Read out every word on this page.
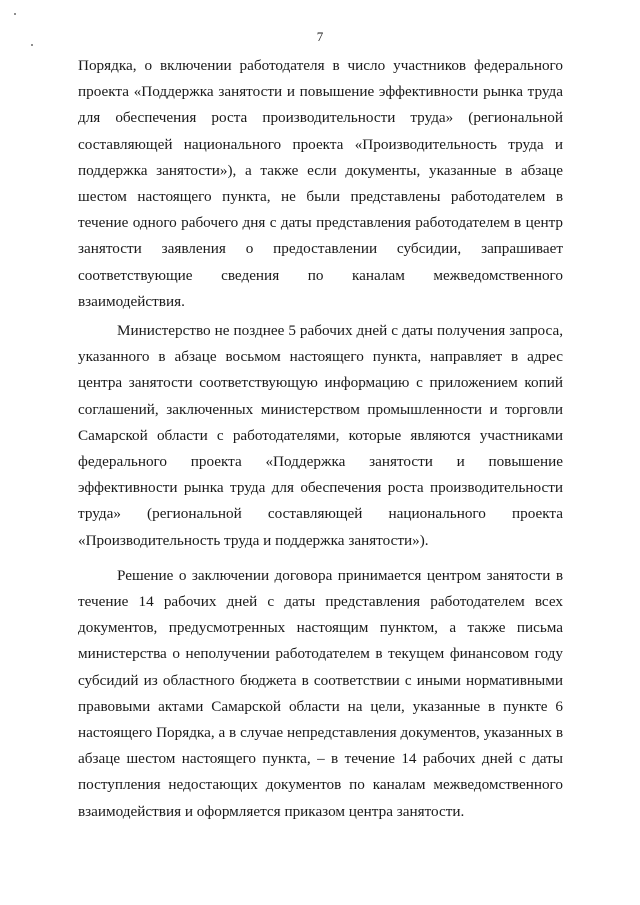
7

Порядка, о включении работодателя в число участников федерального проекта «Поддержка занятости и повышение эффективности рынка труда для обеспечения роста производительности труда» (региональной составляющей национального проекта «Производительность труда и поддержка занятости»), а также если документы, указанные в абзаце шестом настоящего пункта, не были представлены работодателем в течение одного рабочего дня с даты представления работодателем в центр занятости заявления о предоставлении субсидии, запрашивает соответствующие сведения по каналам межведомственного взаимодействия.

Министерство не позднее 5 рабочих дней с даты получения запроса, указанного в абзаце восьмом настоящего пункта, направляет в адрес центра занятости соответствующую информацию с приложением копий соглашений, заключенных министерством промышленности и торговли Самарской области с работодателями, которые являются участниками федерального проекта «Поддержка занятости и повышение эффективности рынка труда для обеспечения роста производительности труда» (региональной составляющей национального проекта «Производительность труда и поддержка занятости»).

Решение о заключении договора принимается центром занятости в течение 14 рабочих дней с даты представления работодателем всех документов, предусмотренных настоящим пунктом, а также письма министерства о неполучении работодателем в текущем финансовом году субсидий из областного бюджета в соответствии с иными нормативными правовыми актами Самарской области на цели, указанные в пункте 6 настоящего Порядка, а в случае непредставления документов, указанных в абзаце шестом настоящего пункта, – в течение 14 рабочих дней с даты поступления недостающих документов по каналам межведомственного взаимодействия и оформляется приказом центра занятости.
